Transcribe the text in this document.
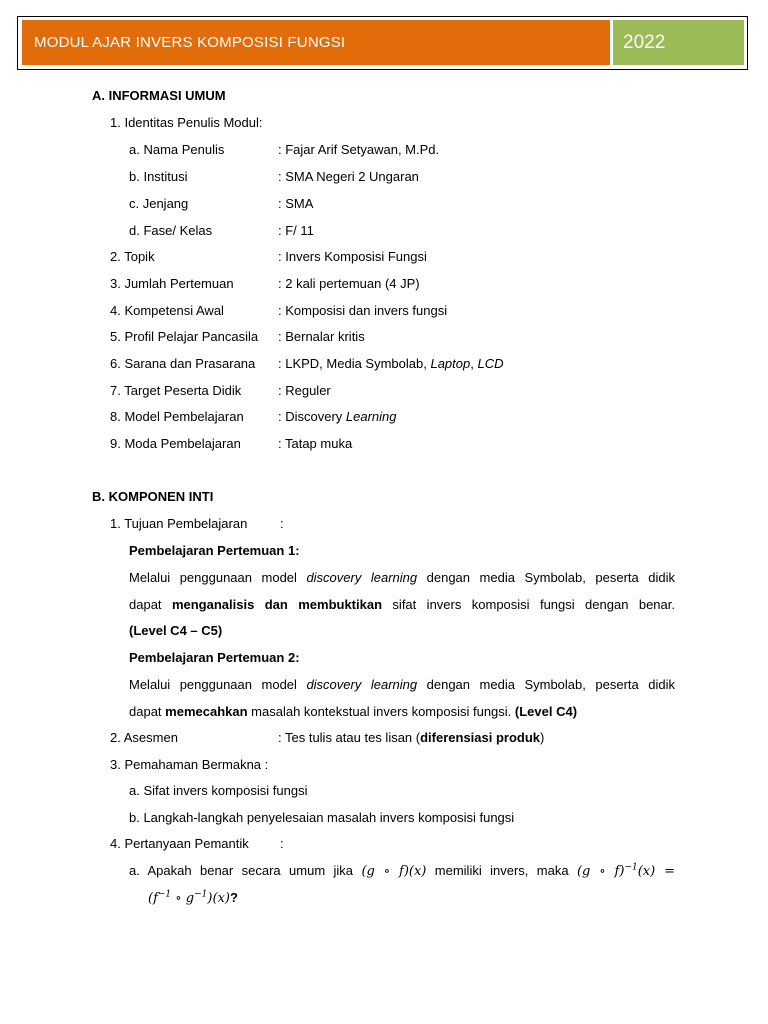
MODUL AJAR INVERS KOMPOSISI FUNGSI	2022
A. INFORMASI UMUM
1. Identitas Penulis Modul:
a. Nama Penulis	: Fajar Arif Setyawan, M.Pd.
b. Institusi	: SMA Negeri 2 Ungaran
c. Jenjang	: SMA
d. Fase/ Kelas	: F/ 11
2. Topik	: Invers Komposisi Fungsi
3. Jumlah Pertemuan	: 2 kali pertemuan (4 JP)
4. Kompetensi Awal	: Komposisi dan invers fungsi
5. Profil Pelajar Pancasila : Bernalar kritis
6. Sarana dan Prasarana : LKPD, Media Symbolab, Laptop, LCD
7. Target Peserta Didik	: Reguler
8. Model Pembelajaran	: Discovery Learning
9. Moda Pembelajaran	: Tatap muka
B. KOMPONEN INTI
1. Tujuan Pembelajaran	:
Pembelajaran Pertemuan 1:
Melalui penggunaan model discovery learning dengan media Symbolab, peserta didik
dapat menganalisis dan membuktikan sifat invers komposisi fungsi dengan benar.
(Level C4 – C5)
Pembelajaran Pertemuan 2:
Melalui penggunaan model discovery learning dengan media Symbolab, peserta didik
dapat memecahkan masalah kontekstual invers komposisi fungsi. (Level C4)
2. Asesmen	: Tes tulis atau tes lisan (diferensiasi produk)
3. Pemahaman Bermakna :
a. Sifat invers komposisi fungsi
b. Langkah-langkah penyelesaian masalah invers komposisi fungsi
4. Pertanyaan Pemantik :
a. Apakah benar secara umum jika (g ∘ f)(x) memiliki invers, maka (g ∘ f)$^{-1}$(x) =
($f^{-1}$ ∘ $g^{-1})(x)$?
